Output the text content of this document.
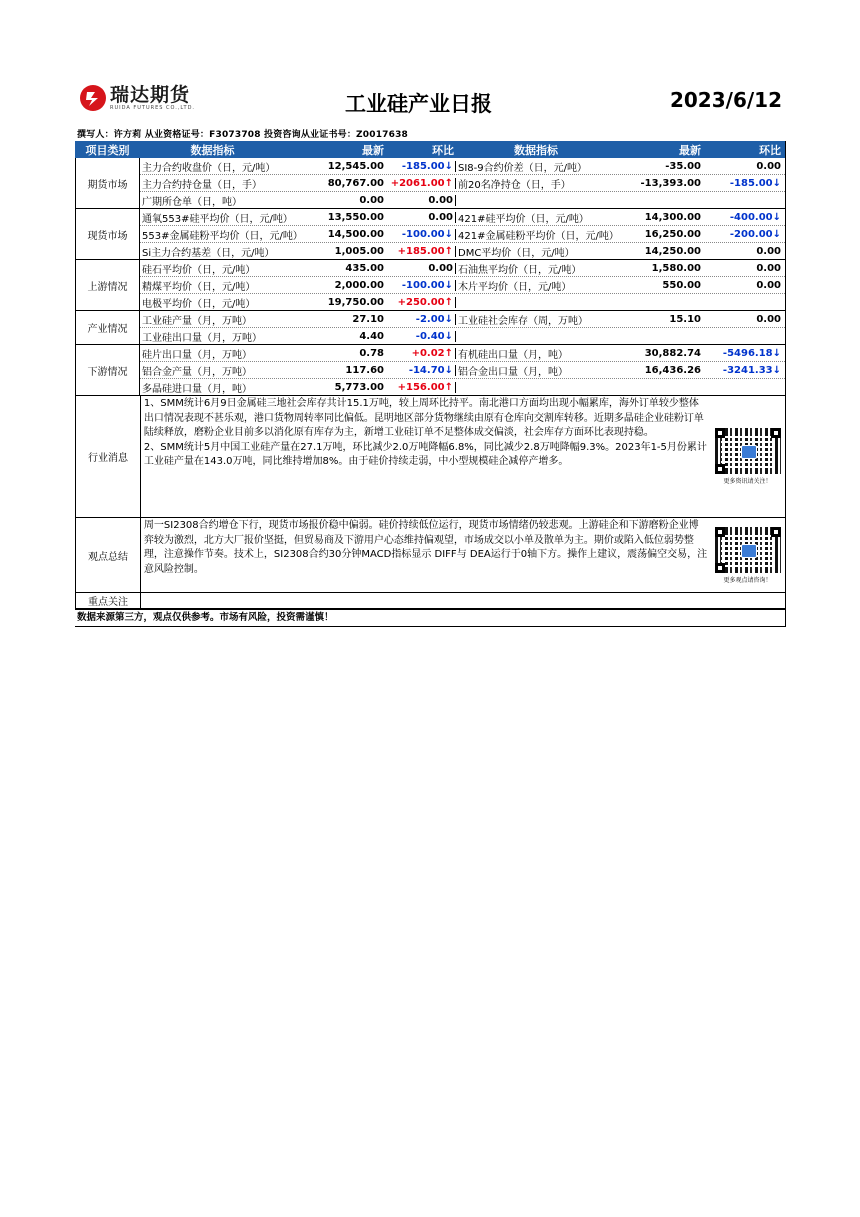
瑞达期货
RUIDA FUTURES CO.,LTD.	工业硅产业日报	2023/6/12
撰写人：许方莉 从业资格证号：F3073708 投资咨询从业证书号：Z0017638
项目类别	数据指标	最新	环比	数据指标	最新	环比
期货市场
主力合约收盘价（日，元/吨）	12,545.00	-185.00↓ SI8-9合约价差（日，元/吨）	-35.00	0.00
主力合约持仓量（日，手）	80,767.00 +2061.00↑ 前20名净持仓（日，手）	-13,393.00	-185.00↓
广期所仓单（日，吨）	0.00	0.00
现货市场
通氧553#硅平均价（日，元/吨）	13,550.00	0.00 421#硅平均价（日，元/吨）	14,300.00	-400.00↓
553#金属硅粉平均价（日，元/吨）	14,500.00	-100.00↓ 421#金属硅粉平均价（日，元/吨）	16,250.00	-200.00↓
Si主力合约基差（日，元/吨）	1,005.00	+185.00↑ DMC平均价（日，元/吨）	14,250.00	0.00
上游情况
硅石平均价（日，元/吨）	435.00	0.00 石油焦平均价（日，元/吨）	1,580.00	0.00
精煤平均价（日，元/吨）	2,000.00	-100.00↓ 木片平均价（日，元/吨）	550.00	0.00
电极平均价（日，元/吨）	19,750.00	+250.00↑
产业情况
工业硅产量（月，万吨）	27.10	-2.00↓ 工业硅社会库存（周，万吨）	15.10	0.00
工业硅出口量（月，万吨）	4.40	-0.40↓
下游情况
硅片出口量（月，万吨）	0.78	+0.02↑ 有机硅出口量（月，吨）	30,882.74	-5496.18↓
铝合金产量（月，万吨）	117.60	-14.70↓ 铝合金出口量（月，吨）	16,436.26	-3241.33↓
多晶硅进口量（月，吨）	5,773.00	+156.00↑
行业消息
1、SMM统计6月9日金属硅三地社会库存共计15.1万吨，较上周环比持平。南北港口方面均出现小幅累库，海外订单较少整体出口情况表现不甚乐观，港口货物周转率同比偏低。昆明地区部分货物继续由原有仓库向交割库转移。近期多晶硅企业硅粉订单陆续释放，磨粉企业目前多以消化原有库存为主，新增工业硅订单不足整体成交偏淡，社会库存方面环比表现持稳。
2、SMM统计5月中国工业硅产量在27.1万吨，环比减少2.0万吨降幅6.8%，同比减少2.8万吨降幅9.3%。2023年1-5月份累计工业硅产量在143.0万吨，同比维持增加8%。由于硅价持续走弱，中小型规模硅企减停产增多。
更多资讯请关注！
观点总结
周一SI2308合约增仓下行，现货市场报价稳中偏弱。硅价持续低位运行，现货市场情绪仍较悲观。上游硅企和下游磨粉企业博弈较为激烈，北方大厂报价坚挺，但贸易商及下游用户心态维持偏观望，市场成交以小单及散单为主。期价或陷入低位弱势整理，注意操作节奏。技术上，SI2308合约30分钟MACD指标显示 DIFF与 DEA运行于0轴下方。操作上建议，震荡偏空交易，注意风险控制。
更多观点请咨询！
重点关注
数据来源第三方，观点仅供参考。市场有风险，投资需谨慎！
